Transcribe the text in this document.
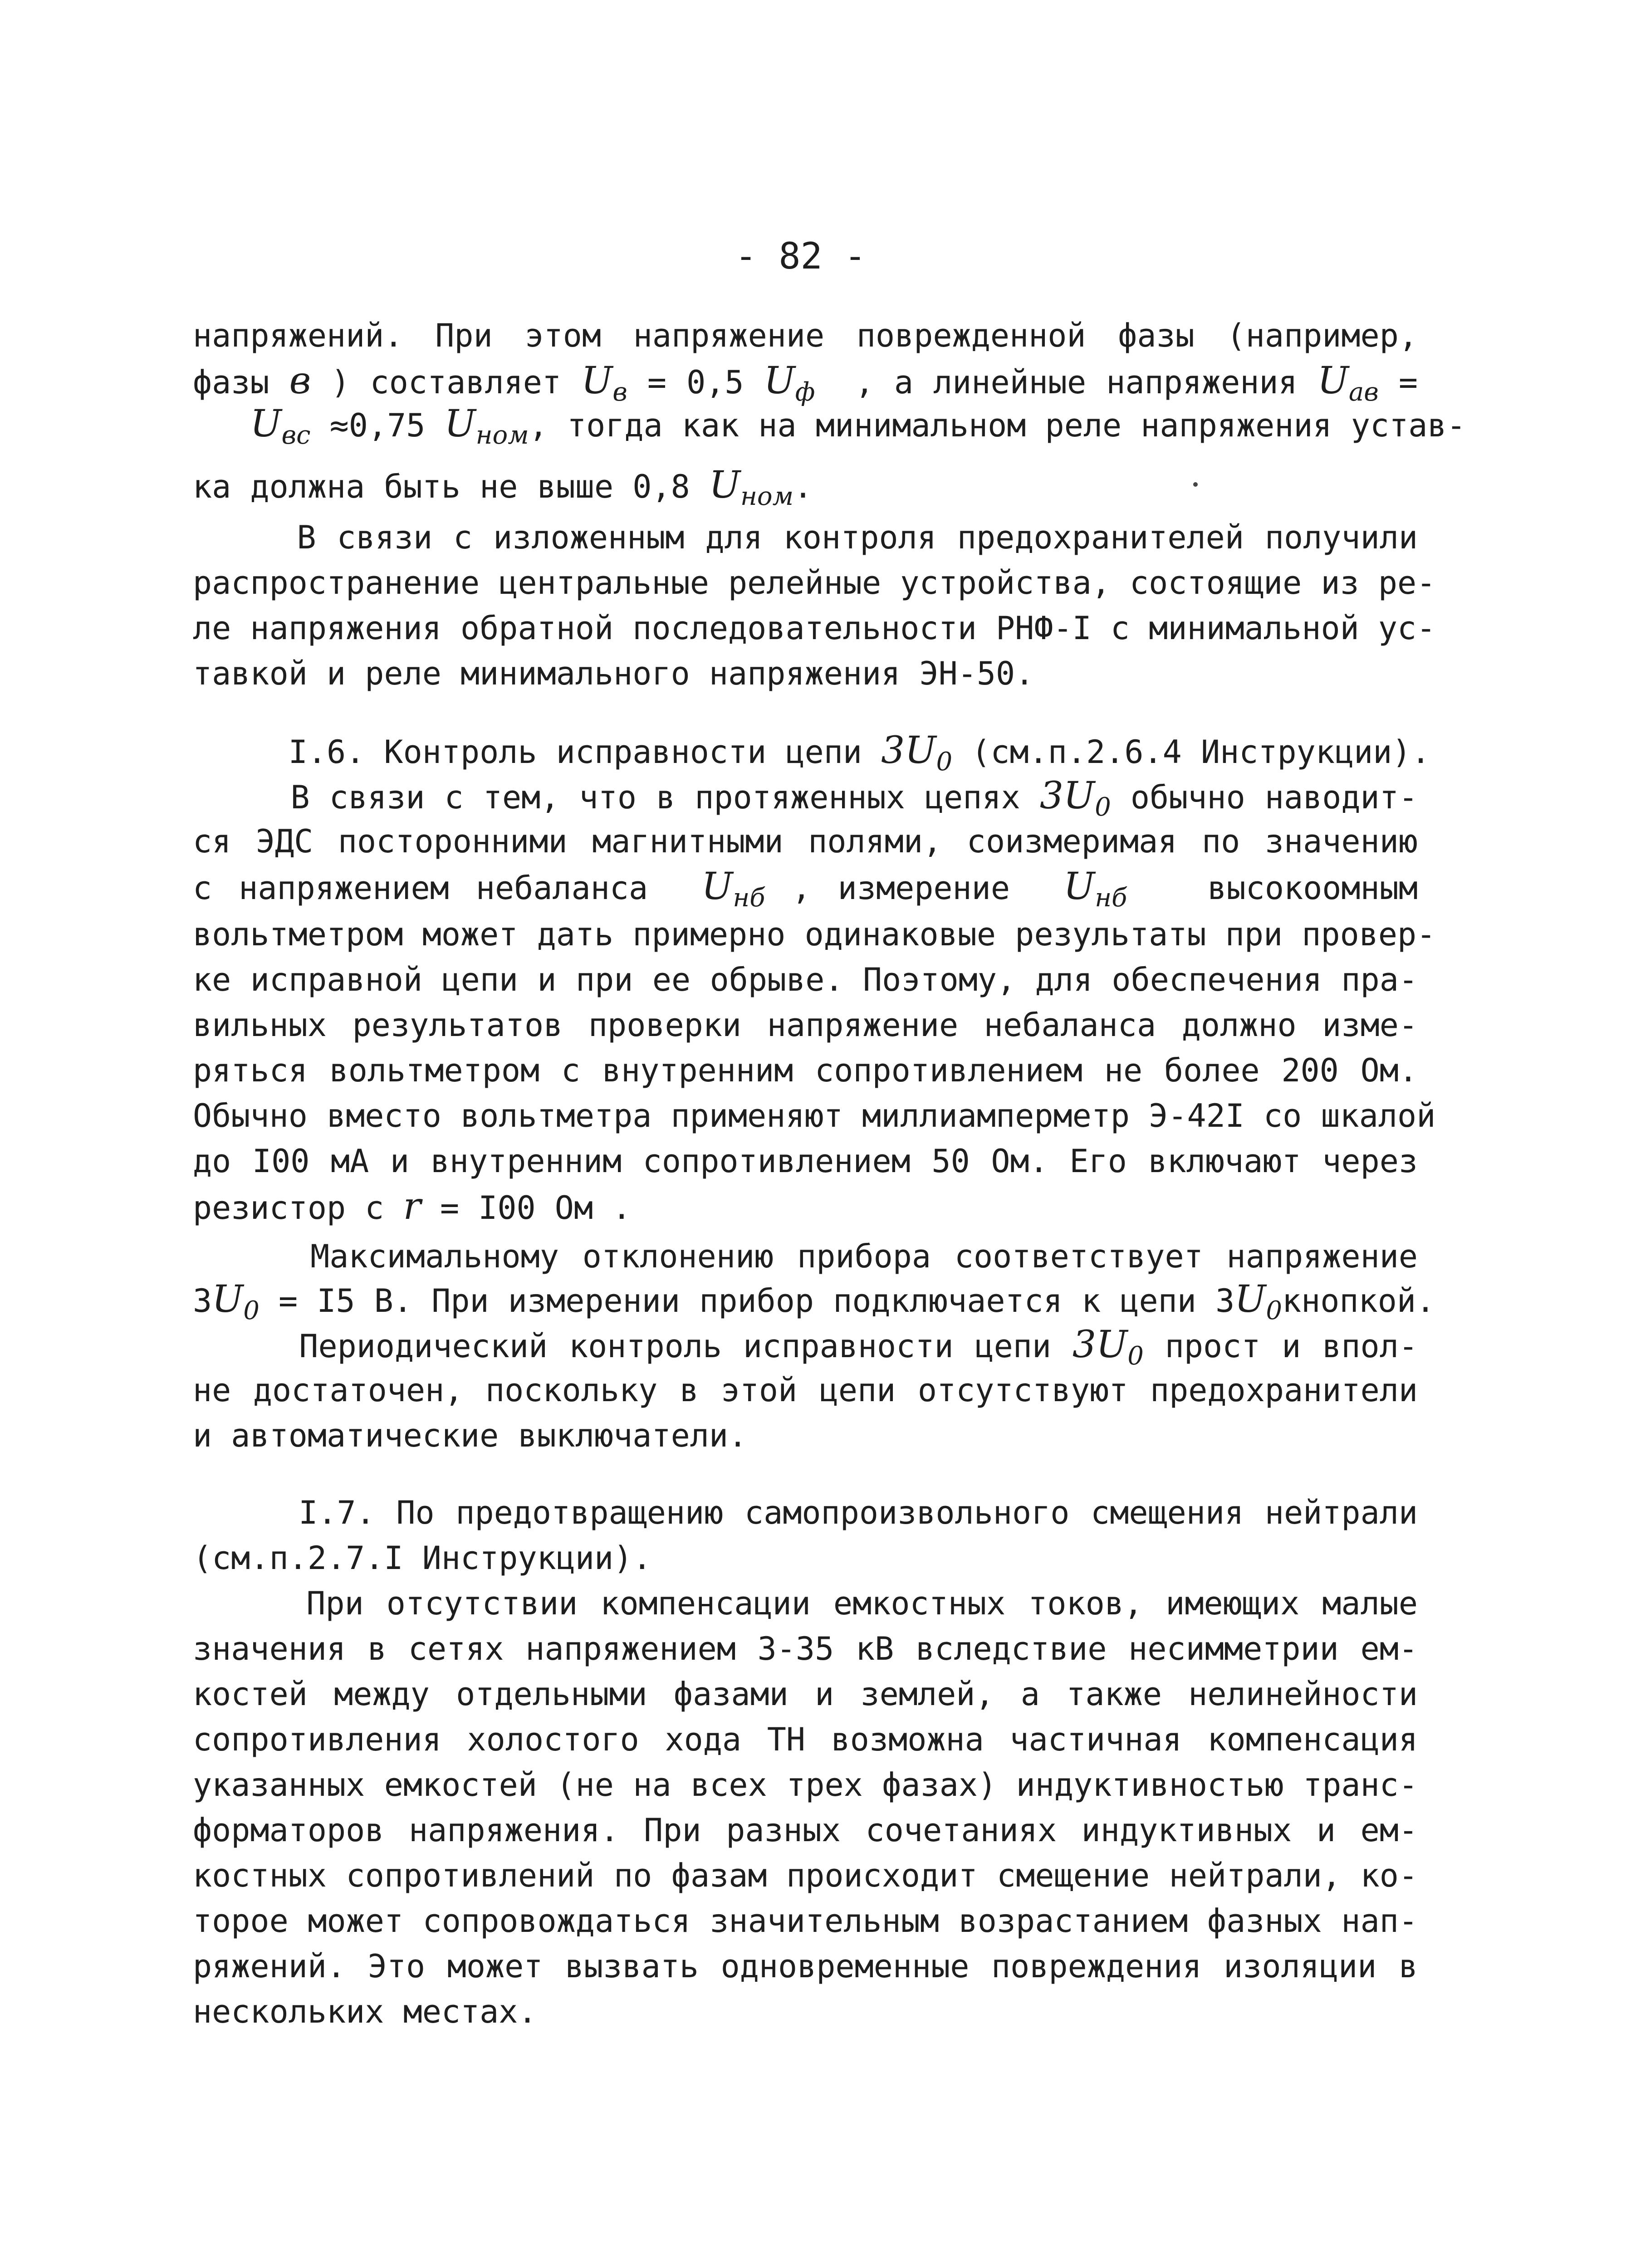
- 82 -
напряжений. При этом напряжение поврежденной фазы (например,
фазы в ) составляет $U_в = 0,5$ $U_ф$  , а линейные напряжения $U_{ав}$ =
$U_{вс} \approx 0,75$ $U_{ном}$, тогда как на минимальном реле напряжения устав-
ка должна быть не выше 0,8 $U_{ном}$.
В связи с изложенным для контроля предохранителей получили
распространение центральные релейные устройства, состоящие из ре-
ле напряжения обратной последовательности РНФ-I с минимальной ус-
тавкой и реле минимального напряжения ЭН-50.
I.6. Контроль исправности цепи $3U_0$ (см.п.2.6.4 Инструкции).
В связи с тем, что в протяженных цепях $3U_0$ обычно наводит-
ся ЭДС посторонними магнитными полями, соизмеримая по значению
с напряжением небаланса  $U_{нб}$ , измерение  $U_{нб}$   высокоомным
вольтметром может дать примерно одинаковые результаты при провер-
ке исправной цепи и при ее обрыве. Поэтому, для обеспечения пра-
вильных результатов проверки напряжение небаланса должно изме-
ряться вольтметром с внутренним сопротивлением не более 200 Ом.
Обычно вместо вольтметра применяют миллиамперметр Э-42I со шкалой
до I00 мА и внутренним сопротивлением 50 Ом. Его включают через
резистор с r = I00 Ом .
Максимальному отклонению прибора соответствует напряжение
$3U_0 = I5$ В. При измерении прибор подключается к цепи $3U_0кнопкой$.
Периодический контроль исправности цепи $3U_0$ прост и впол-
не достаточен, поскольку в этой цепи отсутствуют предохранители
и автоматические выключатели.
I.7. По предотвращению самопроизвольного смещения нейтрали
(см.п.2.7.I Инструкции).
При отсутствии компенсации емкостных токов, имеющих малые
значения в сетях напряжением 3-35 кВ вследствие несимметрии ем-
костей между отдельными фазами и землей, а также нелинейности
сопротивления холостого хода ТН возможна частичная компенсация
указанных емкостей (не на всех трех фазах) индуктивностью транс-
форматоров напряжения. При разных сочетаниях индуктивных и ем-
костных сопротивлений по фазам происходит смещение нейтрали, ко-
торое может сопровождаться значительным возрастанием фазных нап-
ряжений. Это может вызвать одновременные повреждения изоляции в
нескольких местах.
